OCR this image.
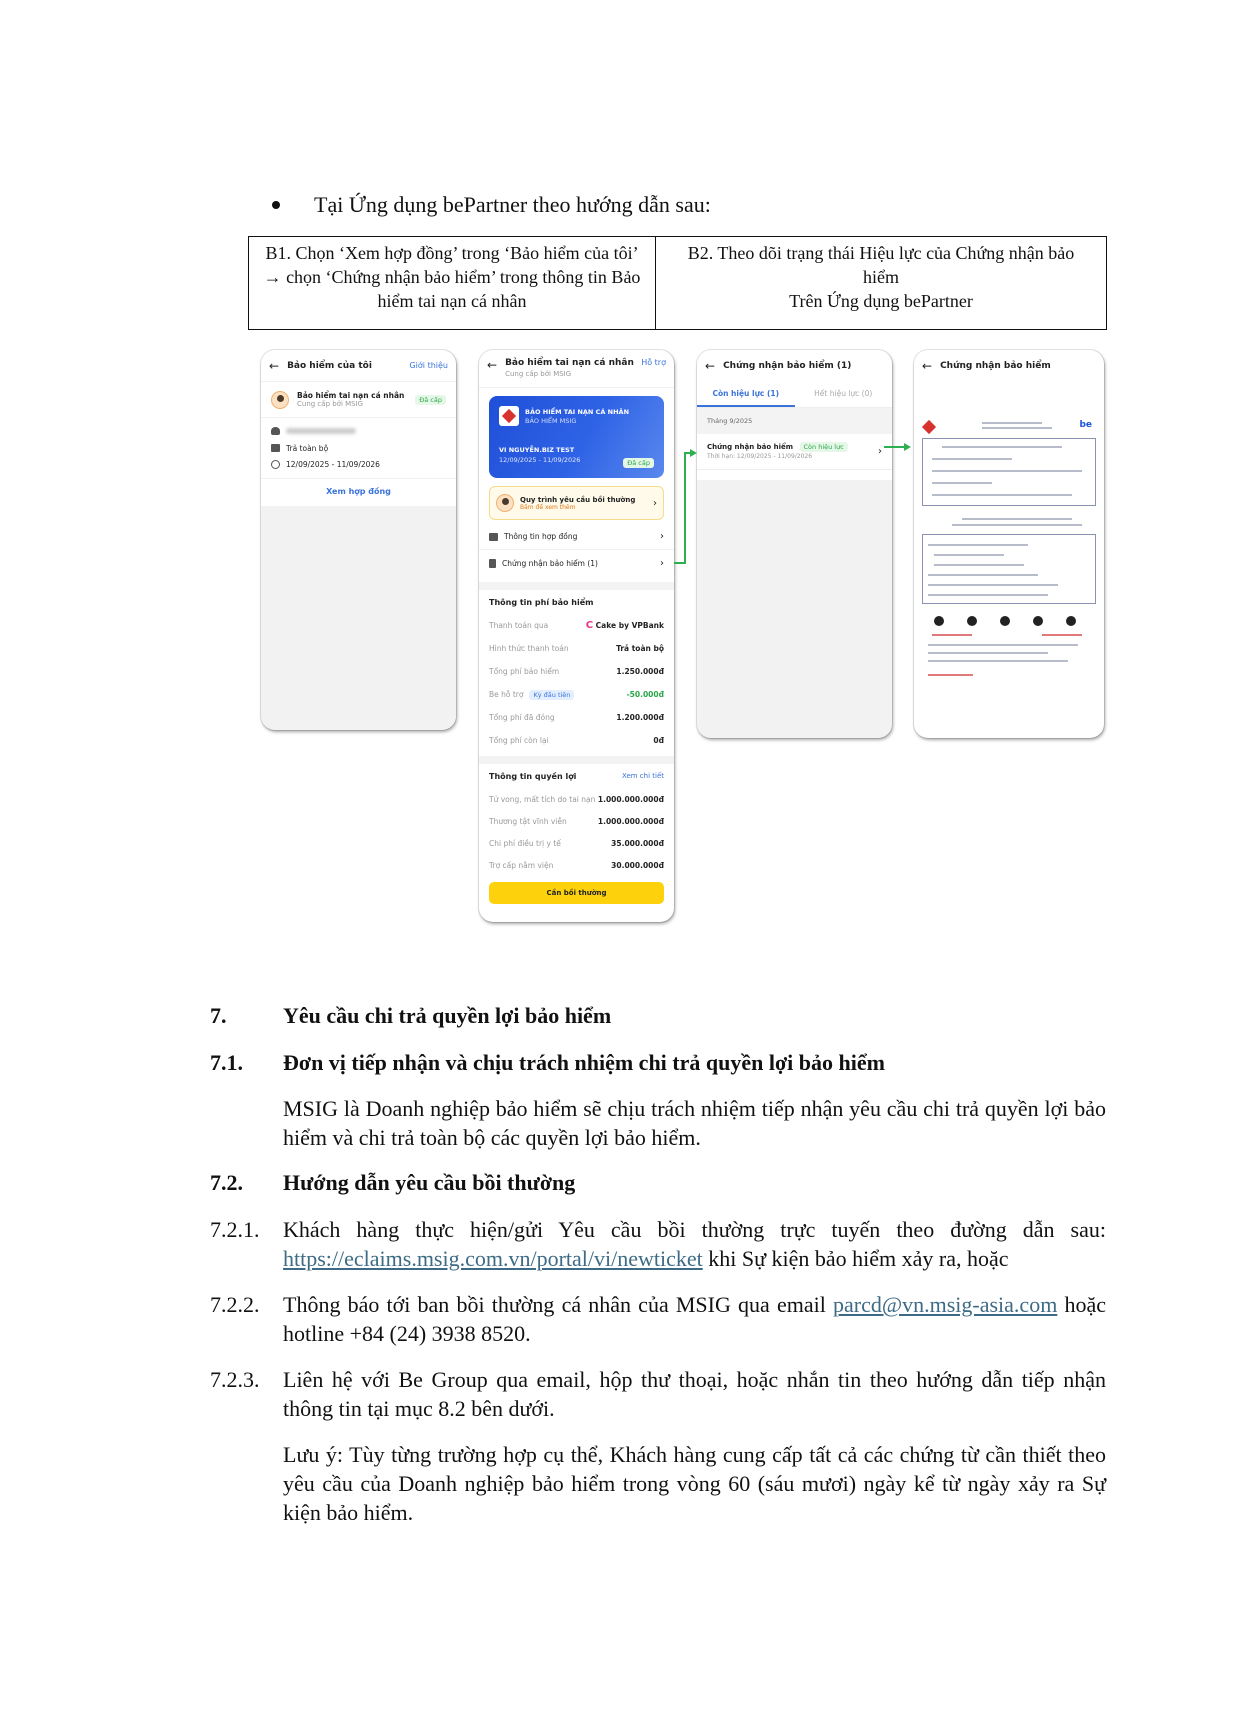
Tại Ứng dụng bePartner theo hướng dẫn sau:
B1. Chọn ‘Xem hợp đồng’ trong ‘Bảo hiểm của tôi’ → chọn ‘Chứng nhận bảo hiểm’ trong thông tin Bảo hiểm tai nạn cá nhân
B2. Theo dõi trạng thái Hiệu lực của Chứng nhận bảo hiểm
Trên Ứng dụng bePartner
← Bảo hiểm của tôi	Giới thiệu
Bảo hiểm tai nạn cá nhân
Cung cấp bởi MSIG
Đã cấp
Trả toàn bộ
12/09/2025 - 11/09/2026
Xem hợp đồng
← Bảo hiểm tai nạn cá nhân
Cung cấp bởi MSIG
Hỗ trợ
BẢO HIỂM TAI NẠN CÁ NHÂN
BẢO HIỂM MSIG
VI NGUYỄN.BIZ TEST
12/09/2025 - 11/09/2026	Đã cấp
Quy trình yêu cầu bồi thường
Bấm để xem thêm	›
Thông tin hợp đồng	›
Chứng nhận bảo hiểm (1)	›
Thông tin phí bảo hiểm
Thanh toán qua	C Cake by VPBank
Hình thức thanh toán	Trả toàn bộ
Tổng phí bảo hiểm	1.250.000đ
Be hỗ trợ	Kỳ đầu tiên	-50.000đ
Tổng phí đã đóng	1.200.000đ
Tổng phí còn lại	0đ
Thông tin quyền lợi	Xem chi tiết
Tử vong, mất tích do tai nạn 1.000.000.000đ
Thương tật vĩnh viễn	1.000.000.000đ
Chi phí điều trị y tế	35.000.000đ
Trợ cấp nằm viện	30.000.000đ
Cần bồi thường
← Chứng nhận bảo hiểm (1)
Còn hiệu lực (1)	Hết hiệu lực (0)
Tháng 9/2025
Chứng nhận bảo hiểm Còn hiệu lực
Thời hạn: 12/09/2025 - 11/09/2026	›
← Chứng nhận bảo hiểm
be
7.	Yêu cầu chi trả quyền lợi bảo hiểm
7.1. Đơn vị tiếp nhận và chịu trách nhiệm chi trả quyền lợi bảo hiểm
MSIG là Doanh nghiệp bảo hiểm sẽ chịu trách nhiệm tiếp nhận yêu cầu chi trả quyền lợi bảo hiểm và chi trả toàn bộ các quyền lợi bảo hiểm.
7.2. Hướng dẫn yêu cầu bồi thường
7.2.1. Khách hàng thực hiện/gửi Yêu cầu bồi thường trực tuyến theo đường dẫn sau: https://eclaims.msig.com.vn/portal/vi/newticket khi Sự kiện bảo hiểm xảy ra, hoặc
7.2.2. Thông báo tới ban bồi thường cá nhân của MSIG qua email parcd@vn.msig-asia.com hoặc hotline +84 (24) 3938 8520.
7.2.3. Liên hệ với Be Group qua email, hộp thư thoại, hoặc nhắn tin theo hướng dẫn tiếp nhận thông tin tại mục 8.2 bên dưới.
Lưu ý: Tùy từng trường hợp cụ thể, Khách hàng cung cấp tất cả các chứng từ cần thiết theo yêu cầu của Doanh nghiệp bảo hiểm trong vòng 60 (sáu mươi) ngày kể từ ngày xảy ra Sự kiện bảo hiểm.
